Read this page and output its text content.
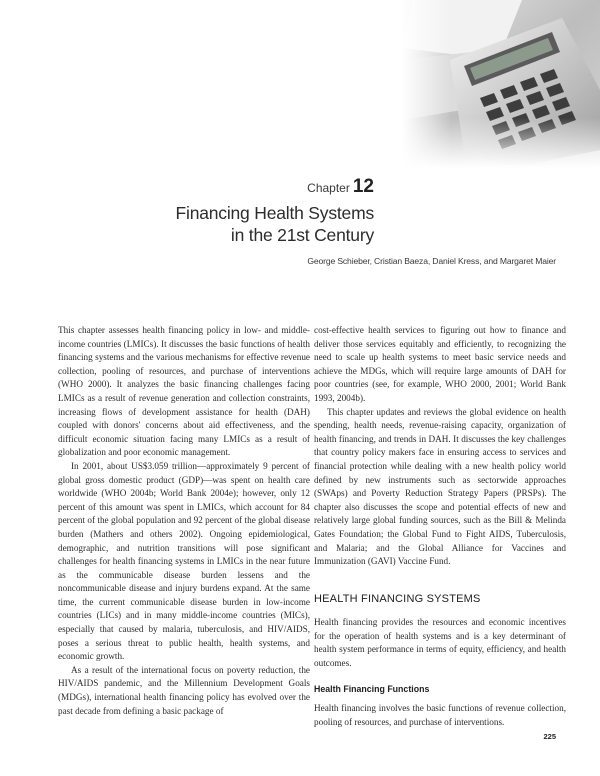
Chapter 12
Financing Health Systems
in the 21st Century
George Schieber, Cristian Baeza, Daniel Kress, and Margaret Maier

This chapter assesses health financing policy in low- and middle-income countries (LMICs). It discusses the basic functions of health financing systems and the various mechanisms for effective revenue collection, pooling of resources, and purchase of interventions (WHO 2000). It analyzes the basic financing challenges facing LMICs as a result of revenue generation and collection constraints, increasing flows of development assistance for health (DAH) coupled with donors' concerns about aid effectiveness, and the difficult economic situation facing many LMICs as a result of globalization and poor economic management.

In 2001, about US$3.059 trillion—approximately 9 percent of global gross domestic product (GDP)—was spent on health care worldwide (WHO 2004b; World Bank 2004e); however, only 12 percent of this amount was spent in LMICs, which account for 84 percent of the global population and 92 percent of the global disease burden (Mathers and others 2002). Ongoing epidemiological, demographic, and nutrition transitions will pose significant challenges for health financing systems in LMICs in the near future as the communicable disease burden lessens and the noncommunicable disease and injury burdens expand. At the same time, the current communicable disease burden in low-income countries (LICs) and in many middle-income countries (MICs), especially that caused by malaria, tuberculosis, and HIV/AIDS, poses a serious threat to public health, health systems, and economic growth.

As a result of the international focus on poverty reduction, the HIV/AIDS pandemic, and the Millennium Development Goals (MDGs), international health financing policy has evolved over the past decade from defining a basic package of

cost-effective health services to figuring out how to finance and deliver those services equitably and efficiently, to recognizing the need to scale up health systems to meet basic service needs and achieve the MDGs, which will require large amounts of DAH for poor countries (see, for example, WHO 2000, 2001; World Bank 1993, 2004b).

This chapter updates and reviews the global evidence on health spending, health needs, revenue-raising capacity, organization of health financing, and trends in DAH. It discusses the key challenges that country policy makers face in ensuring access to services and financial protection while dealing with a new health policy world defined by new instruments such as sectorwide approaches (SWAps) and Poverty Reduction Strategy Papers (PRSPs). The chapter also discusses the scope and potential effects of new and relatively large global funding sources, such as the Bill & Melinda Gates Foundation; the Global Fund to Fight AIDS, Tuberculosis, and Malaria; and the Global Alliance for Vaccines and Immunization (GAVI) Vaccine Fund.

HEALTH FINANCING SYSTEMS

Health financing provides the resources and economic incentives for the operation of health systems and is a key determinant of health system performance in terms of equity, efficiency, and health outcomes.

Health Financing Functions

Health financing involves the basic functions of revenue collection, pooling of resources, and purchase of interventions.

225
